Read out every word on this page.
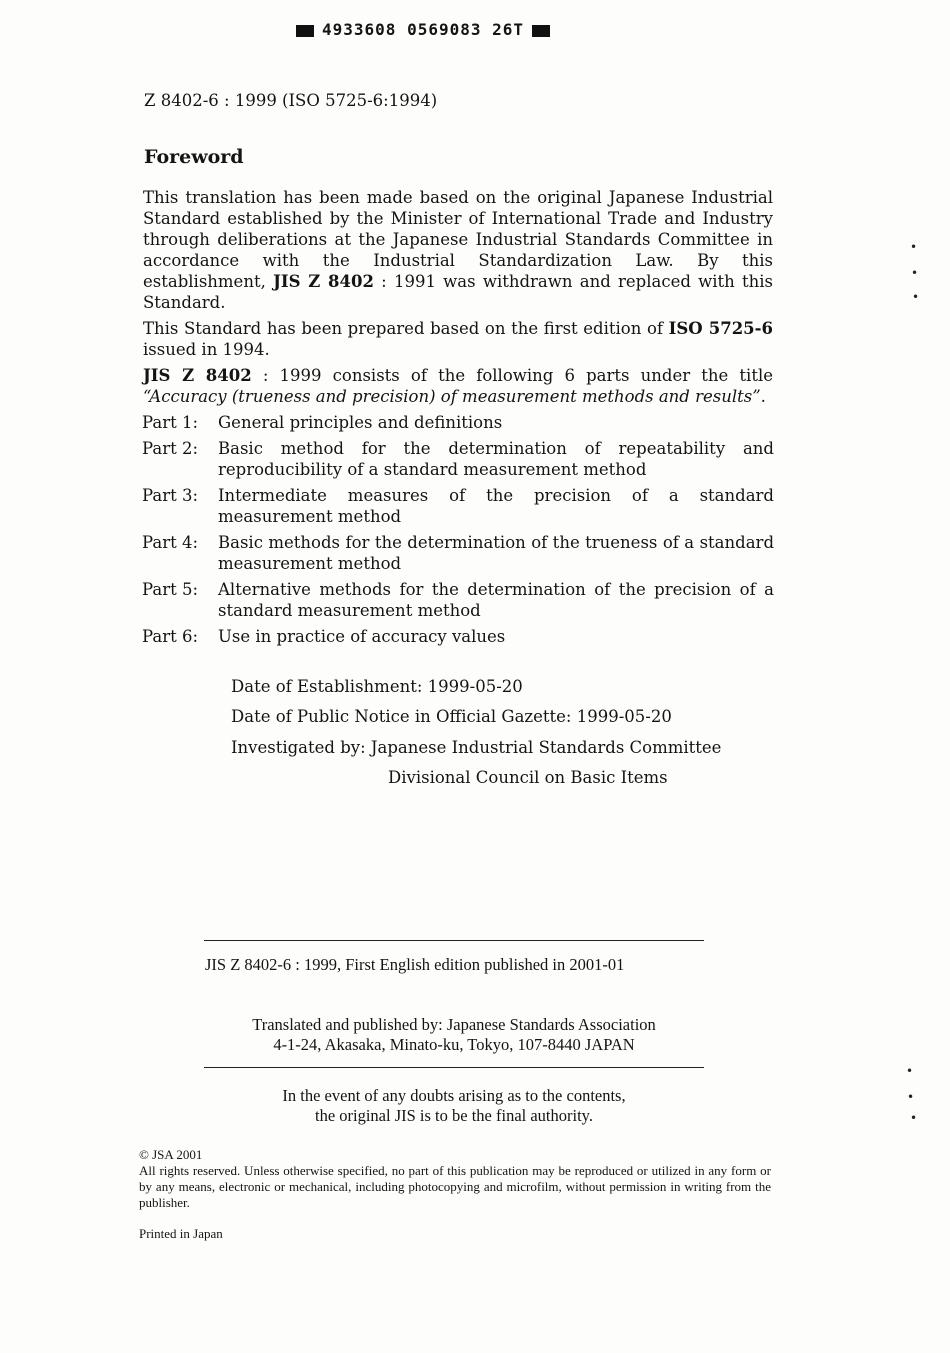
4933608 0569083 26T
Z 8402-6 : 1999 (ISO 5725-6:1994)
Foreword
This translation has been made based on the original Japanese Industrial Standard established by the Minister of International Trade and Industry through deliberations at the Japanese Industrial Standards Committee in accordance with the Industrial Standardization Law. By this establishment, JIS Z 8402 : 1991 was withdrawn and replaced with this Standard.
This Standard has been prepared based on the first edition of ISO 5725-6 issued in 1994.
JIS Z 8402 : 1999 consists of the following 6 parts under the title “Accuracy (trueness and precision) of measurement methods and results”.
Part 1:	General principles and definitions
Part 2:	Basic method for the determination of repeatability and reproducibility of a standard measurement method
Part 3:	Intermediate measures of the precision of a standard measurement method
Part 4:	Basic methods for the determination of the trueness of a standard measurement method
Part 5:	Alternative methods for the determination of the precision of a standard measurement method
Part 6:	Use in practice of accuracy values
Date of Establishment: 1999-05-20
Date of Public Notice in Official Gazette: 1999-05-20
Investigated by: Japanese Industrial Standards Committee
Divisional Council on Basic Items
JIS Z 8402-6 : 1999, First English edition published in 2001-01
Translated and published by: Japanese Standards Association
4-1-24, Akasaka, Minato-ku, Tokyo, 107-8440 JAPAN
In the event of any doubts arising as to the contents,
the original JIS is to be the final authority.
© JSA 2001
All rights reserved. Unless otherwise specified, no part of this publication may be reproduced or utilized in any form or by any means, electronic or mechanical, including photocopying and microfilm, without permission in writing from the publisher.
Printed in Japan
•
•
•
•
•
•
